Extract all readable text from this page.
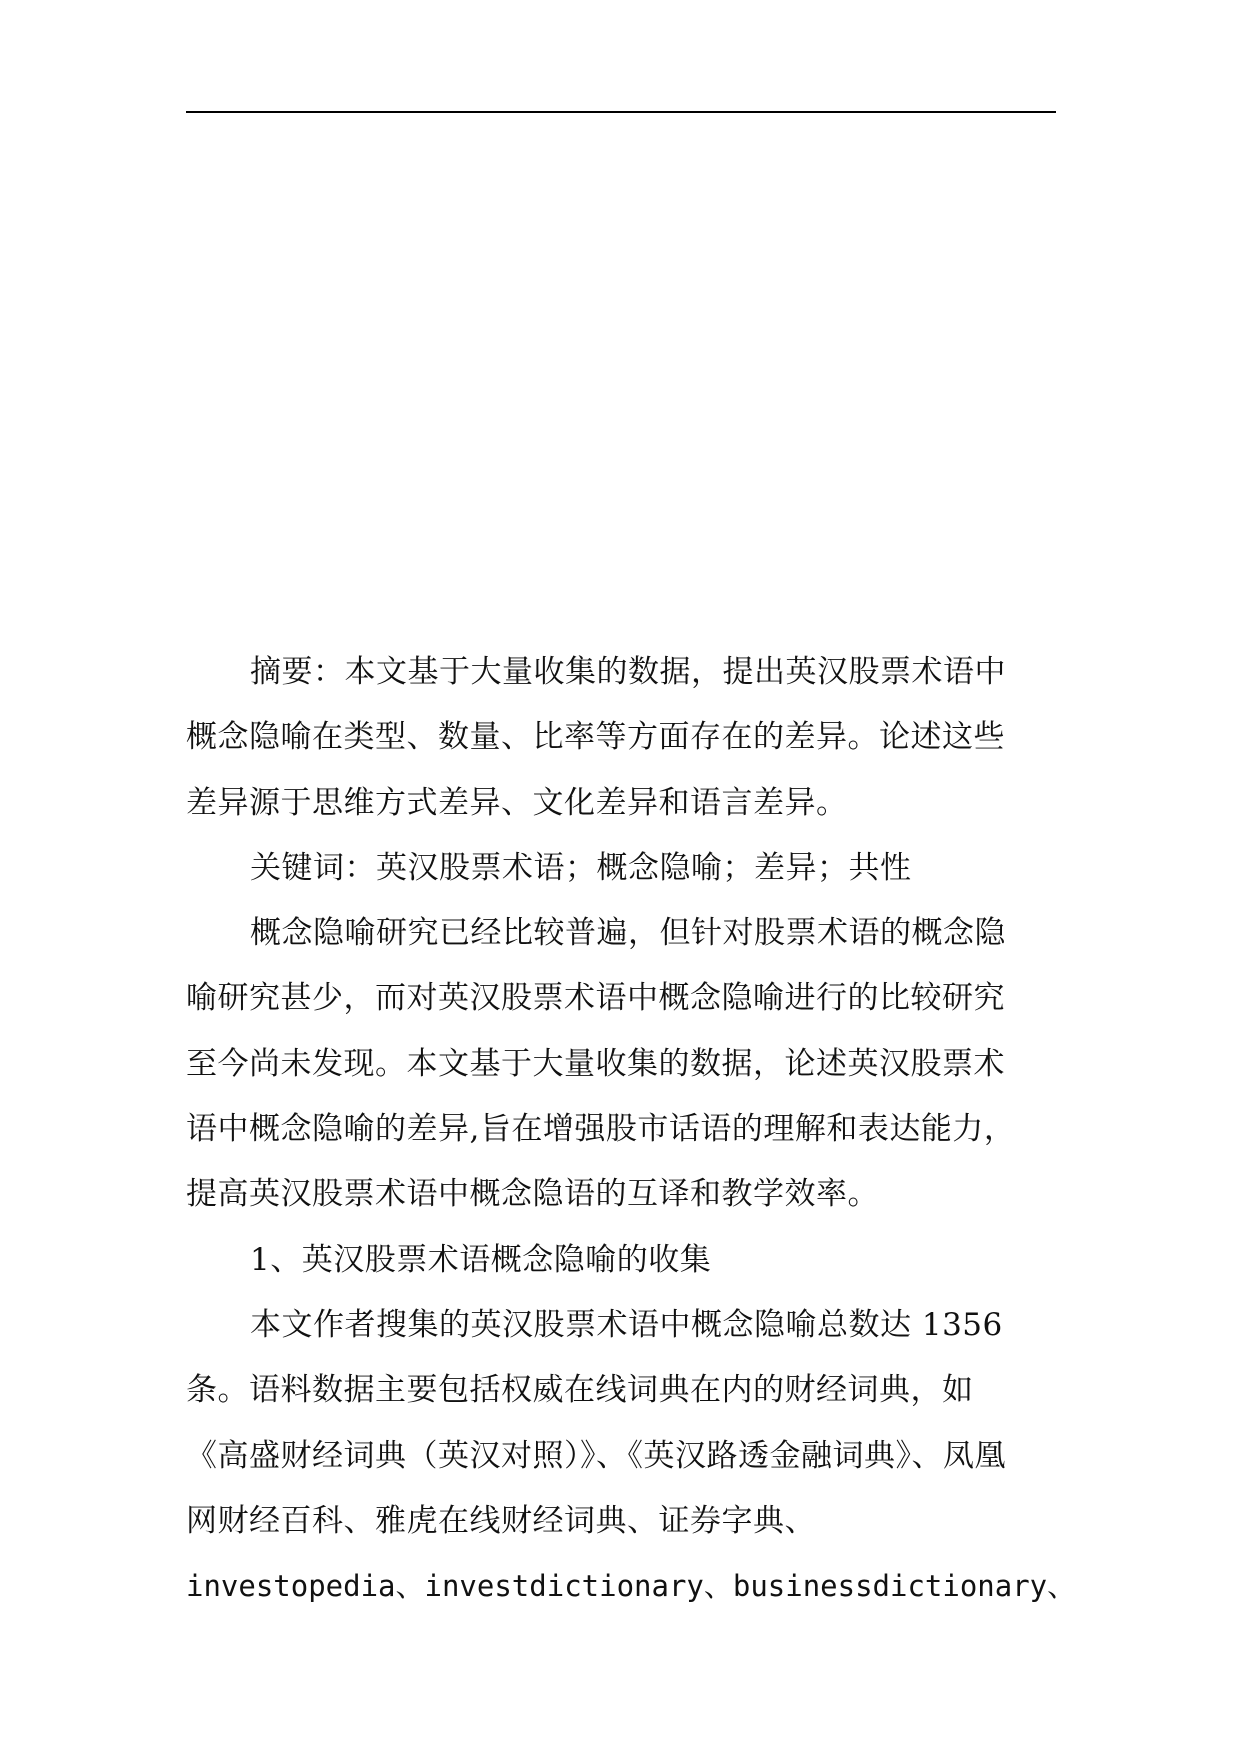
摘要：本文基于大量收集的数据，提出英汉股票术语中
概念隐喻在类型、数量、比率等方面存在的差异。论述这些
差异源于思维方式差异、文化差异和语言差异。
关键词：英汉股票术语；概念隐喻；差异；共性
概念隐喻研究已经比较普遍，但针对股票术语的概念隐
喻研究甚少，而对英汉股票术语中概念隐喻进行的比较研究
至今尚未发现。本文基于大量收集的数据，论述英汉股票术
语中概念隐喻的差异,旨在增强股市话语的理解和表达能力，
提高英汉股票术语中概念隐语的互译和教学效率。
1、英汉股票术语概念隐喻的收集
本文作者搜集的英汉股票术语中概念隐喻总数达 1356
条。语料数据主要包括权威在线词典在内的财经词典，如
《高盛财经词典（英汉对照）》、《英汉路透金融词典》、凤凰
网财经百科、雅虎在线财经词典、证券字典、
investopedia、investdictionary、businessdictionary、
